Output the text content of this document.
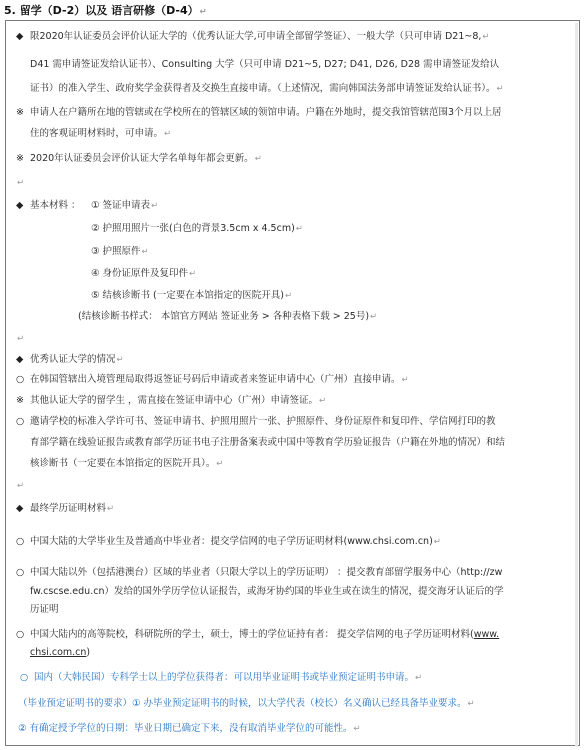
5. 留学（D-2）以及 语言研修（D-4）↵
◆ 限2020年认证委员会评价认证大学的（优秀认证大学,可申请全部留学签证）、一般大学（只可申请 D21~8,↵
D41 需申请签证发给认证书）、Consulting 大学（只可申请 D21~5, D27; D41, D26, D28 需申请签证发给认
证书）的准入学生、政府奖学金获得者及交换生直接申请。（上述情况，需向韩国法务部申请签证发给认证书）。↵
※ 申请人在户籍所在地的管辖或在学校所在的管辖区域的领馆申请。户籍在外地时，提交我馆管辖范围3个月以上居
住的客观证明材料时，可申请。↵
※ 2020年认证委员会评价认证大学名单每年都会更新。↵
↵
◆ 基本材料 ： ① 签证申请表↵
② 护照用照片一张(白色的背景3.5cm x 4.5cm)↵
③ 护照原件↵
④ 身份证原件及复印件↵
⑤ 结核诊断书 (一定要在本馆指定的医院开具)↵
(结核诊断书样式： 本馆官方网站 签证业务 > 各种表格下载 > 25号)↵
↵
◆ 优秀认证大学的情况↵
○ 在韩国管辖出入境管理局取得返签证号码后申请或者来签证申请中心（广州）直接申请。↵
※ 其他认证大学的留学生 ，需直接在签证申请中心（广州）申请签证。↵
○ 邀请学校的标准入学许可书、签证申请书、护照用照片一张、护照原件、身份证原件和复印件、学信网打印的教
育部学籍在线验证报告或教育部学历证书电子注册备案表或中国中等教育学历验证报告（户籍在外地的情况）和结
核诊断书（一定要在本馆指定的医院开具）。↵
↵
◆ 最终学历证明材料↵
○ 中国大陆的大学毕业生及普通高中毕业者：提交学信网的电子学历证明材料(www.chsi.com.cn)↵
○ 中国大陆以外（包括港澳台）区域的毕业者（只限大学以上的学历证明） ：提交教育部留学服务中心（http://zw
fw.cscse.edu.cn）发给的国外学历学位认证报告，或海牙协约国的毕业生或在读生的情况，提交海牙认证后的学
历证明
○ 中国大陆内的高等院校，科研院所的学士，硕士，博士的学位证持有者： 提交学信网的电子学历证明材料(www.
chsi.com.cn)
○ 国内（大韩民国）专科学士以上的学位获得者：可以用毕业证明书或毕业预定证明书申请。↵
（毕业预定证明书的要求）① 办毕业预定证明书的时候，以大学代表（校长）名义确认已经具备毕业要求。↵
② 有确定授予学位的日期：毕业日期已确定下来，没有取消毕业学位的可能性。↵
